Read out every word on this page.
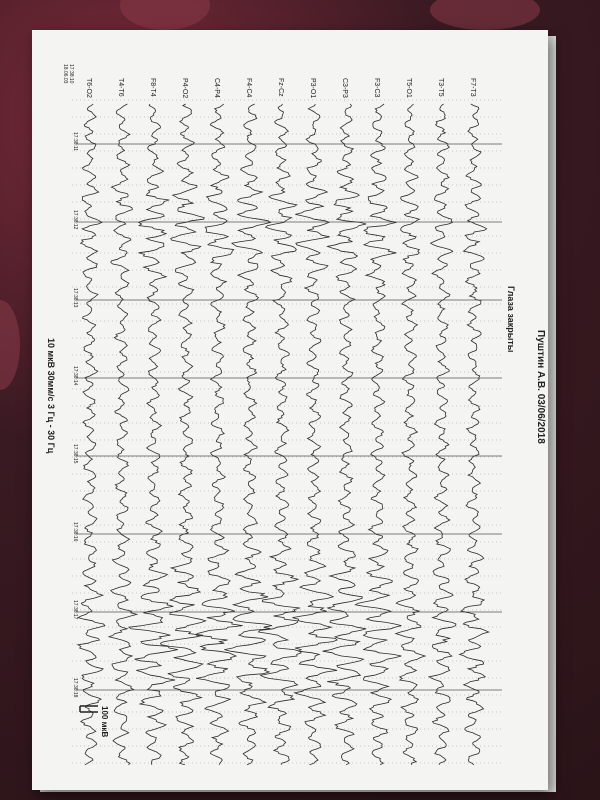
F7-T3
T3-T5
T5-O1
F3-C3
C3-P3
P3-O1
Fz-Cz
F4-C4
C4-P4
P4-O2
F8-T4
T4-T6
T6-O2
17:38:11
17:38:12
17:38:13
17:38:14
17:38:15
17:38:16
17:38:17
17:38:18
Пуштин А.В. 03/06/2018
Глаза закрыты
10 мкВ 30мм/с 3 Гц - 30 Гц
100 мкВ
17:38:10
18.06.03
